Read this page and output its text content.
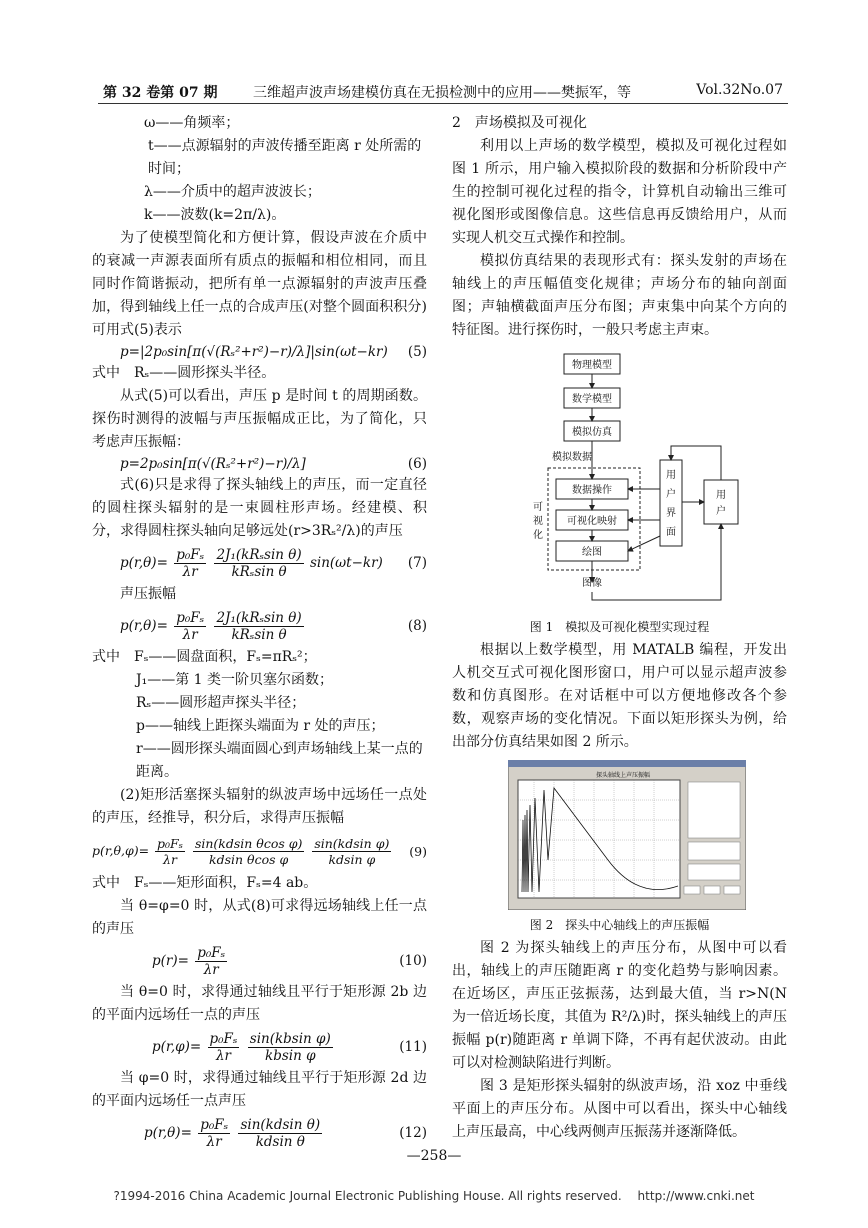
第 32 卷第 07 期	三维超声波声场建模仿真在无损检测中的应用——樊振军，等	Vol.32No.07

ω——角频率；

t——点源辐射的声波传播至距离 r 处所需的时间；

λ——介质中的超声波波长；

k——波数(k=2π/λ)。

为了使模型简化和方便计算，假设声波在介质中的衰减一声源表面所有质点的振幅和相位相同，而且同时作简谐振动，把所有单一点源辐射的声波声压叠加，得到轴线上任一点的合成声压(对整个圆面积积分)可用式(5)表示

p=|2p₀sin[π(√(Rₛ²+r²)−r)/λ]|sin(ωt−kr) (5)

式中　Rₛ——圆形探头半径。

从式(5)可以看出，声压 p 是时间 t 的周期函数。探伤时测得的波幅与声压振幅成正比，为了简化，只考虑声压振幅：

p=2p₀sin[π(√(Rₛ²+r²)−r)/λ]	(6)

式(6)只是求得了探头轴线上的声压，而一定直径的圆柱探头辐射的是一束圆柱形声场。经建模、积分，求得圆柱探头轴向足够远处(r>3Rₛ²/λ)的声压

$p(r,\theta)= \frac{\text{p₀Fₛ}}{\lambda r}$
$\frac{\text{2J₁(kRₛsin θ)}}{\text{kRₛsin θ}} \sin(\omega t-kr)$ (7)

声压振幅

$p(r,\theta)= \frac{\text{p₀Fₛ}}{\lambda r}$
$\frac{\text{2J₁(kRₛsin θ)}}{\text{kRₛsin θ}}$	(8)

式中　Fₛ——圆盘面积，Fₛ=πRₛ²；

J₁——第 1 类一阶贝塞尔函数；

Rₛ——圆形超声探头半径；

p——轴线上距探头端面为 r 处的声压；

r——圆形探头端面圆心到声场轴线上某一点的距离。

(2)矩形活塞探头辐射的纵波声场中远场任一点处的声压，经推导，积分后，求得声压振幅

$p(r,\theta,\varphi)= \frac{\text{p₀Fₛ}}{\lambda r}$
$\frac{\text{sin(kdsin θcos φ)}}{\text{kdsin θcos φ}}$
$\frac{\text{sin(kdsin φ)}}{\text{kdsin φ}} (9)$

式中　Fₛ——矩形面积，Fₛ=4 ab。

当 θ=φ=0 时，从式(8)可求得远场轴线上任一点的声压

$p(r)= \frac{\text{p₀Fₛ}}{\lambda r}$	(10)

当 θ=0 时，求得通过轴线且平行于矩形源 2b 边的平面内远场任一点的声压

$p(r,\varphi)= \frac{\text{p₀Fₛ}}{\lambda r}$
$\frac{\text{sin(kbsin φ)}}{\text{kbsin φ}}$	(11)

当 φ=0 时，求得通过轴线且平行于矩形源 2d 边的平面内远场任一点声压

$p(r,\theta)= \frac{\text{p₀Fₛ}}{\lambda r}$
$\frac{\text{sin(kdsin θ)}}{\text{kdsin θ}}$	(12)

2　声场模拟及可视化

利用以上声场的数学模型，模拟及可视化过程如图 1 所示，用户输入模拟阶段的数据和分析阶段中产生的控制可视化过程的指令，计算机自动输出三维可视化图形或图像信息。这些信息再反馈给用户，从而实现人机交互式操作和控制。

模拟仿真结果的表现形式有：探头发射的声场在轴线上的声压幅值变化规律；声场分布的轴向剖面图；声轴横截面声压分布图；声束集中向某个方向的特征图。进行探伤时，一般只考虑主声束。

物理模型
数学模型
模拟仿真
模拟数据
数据操作
可视化映射
绘图
图像
可
视
化
用
户
界
面
用
户

图 1　模拟及可视化模型实现过程

根据以上数学模型，用 MATALB 编程，开发出人机交互式可视化图形窗口，用户可以显示超声波参数和仿真图形。在对话框中可以方便地修改各个参数，观察声场的变化情况。下面以矩形探头为例，给出部分仿真结果如图 2 所示。

探头轴线上声压振幅

图 2　探头中心轴线上的声压振幅

图 2 为探头轴线上的声压分布，从图中可以看出，轴线上的声压随距离 r 的变化趋势与影响因素。在近场区，声压正弦振荡，达到最大值，当 r>N(N 为一倍近场长度，其值为 R²/λ)时，探头轴线上的声压振幅 p(r)随距离 r 单调下降，不再有起伏波动。由此可以对检测缺陷进行判断。

图 3 是矩形探头辐射的纵波声场，沿 xoz 中垂线平面上的声压分布。从图中可以看出，探头中心轴线上声压最高，中心线两侧声压振荡并逐渐降低。

—258—
?1994-2016 China Academic Journal Electronic Publishing House. All rights reserved.　 http://www.cnki.net
